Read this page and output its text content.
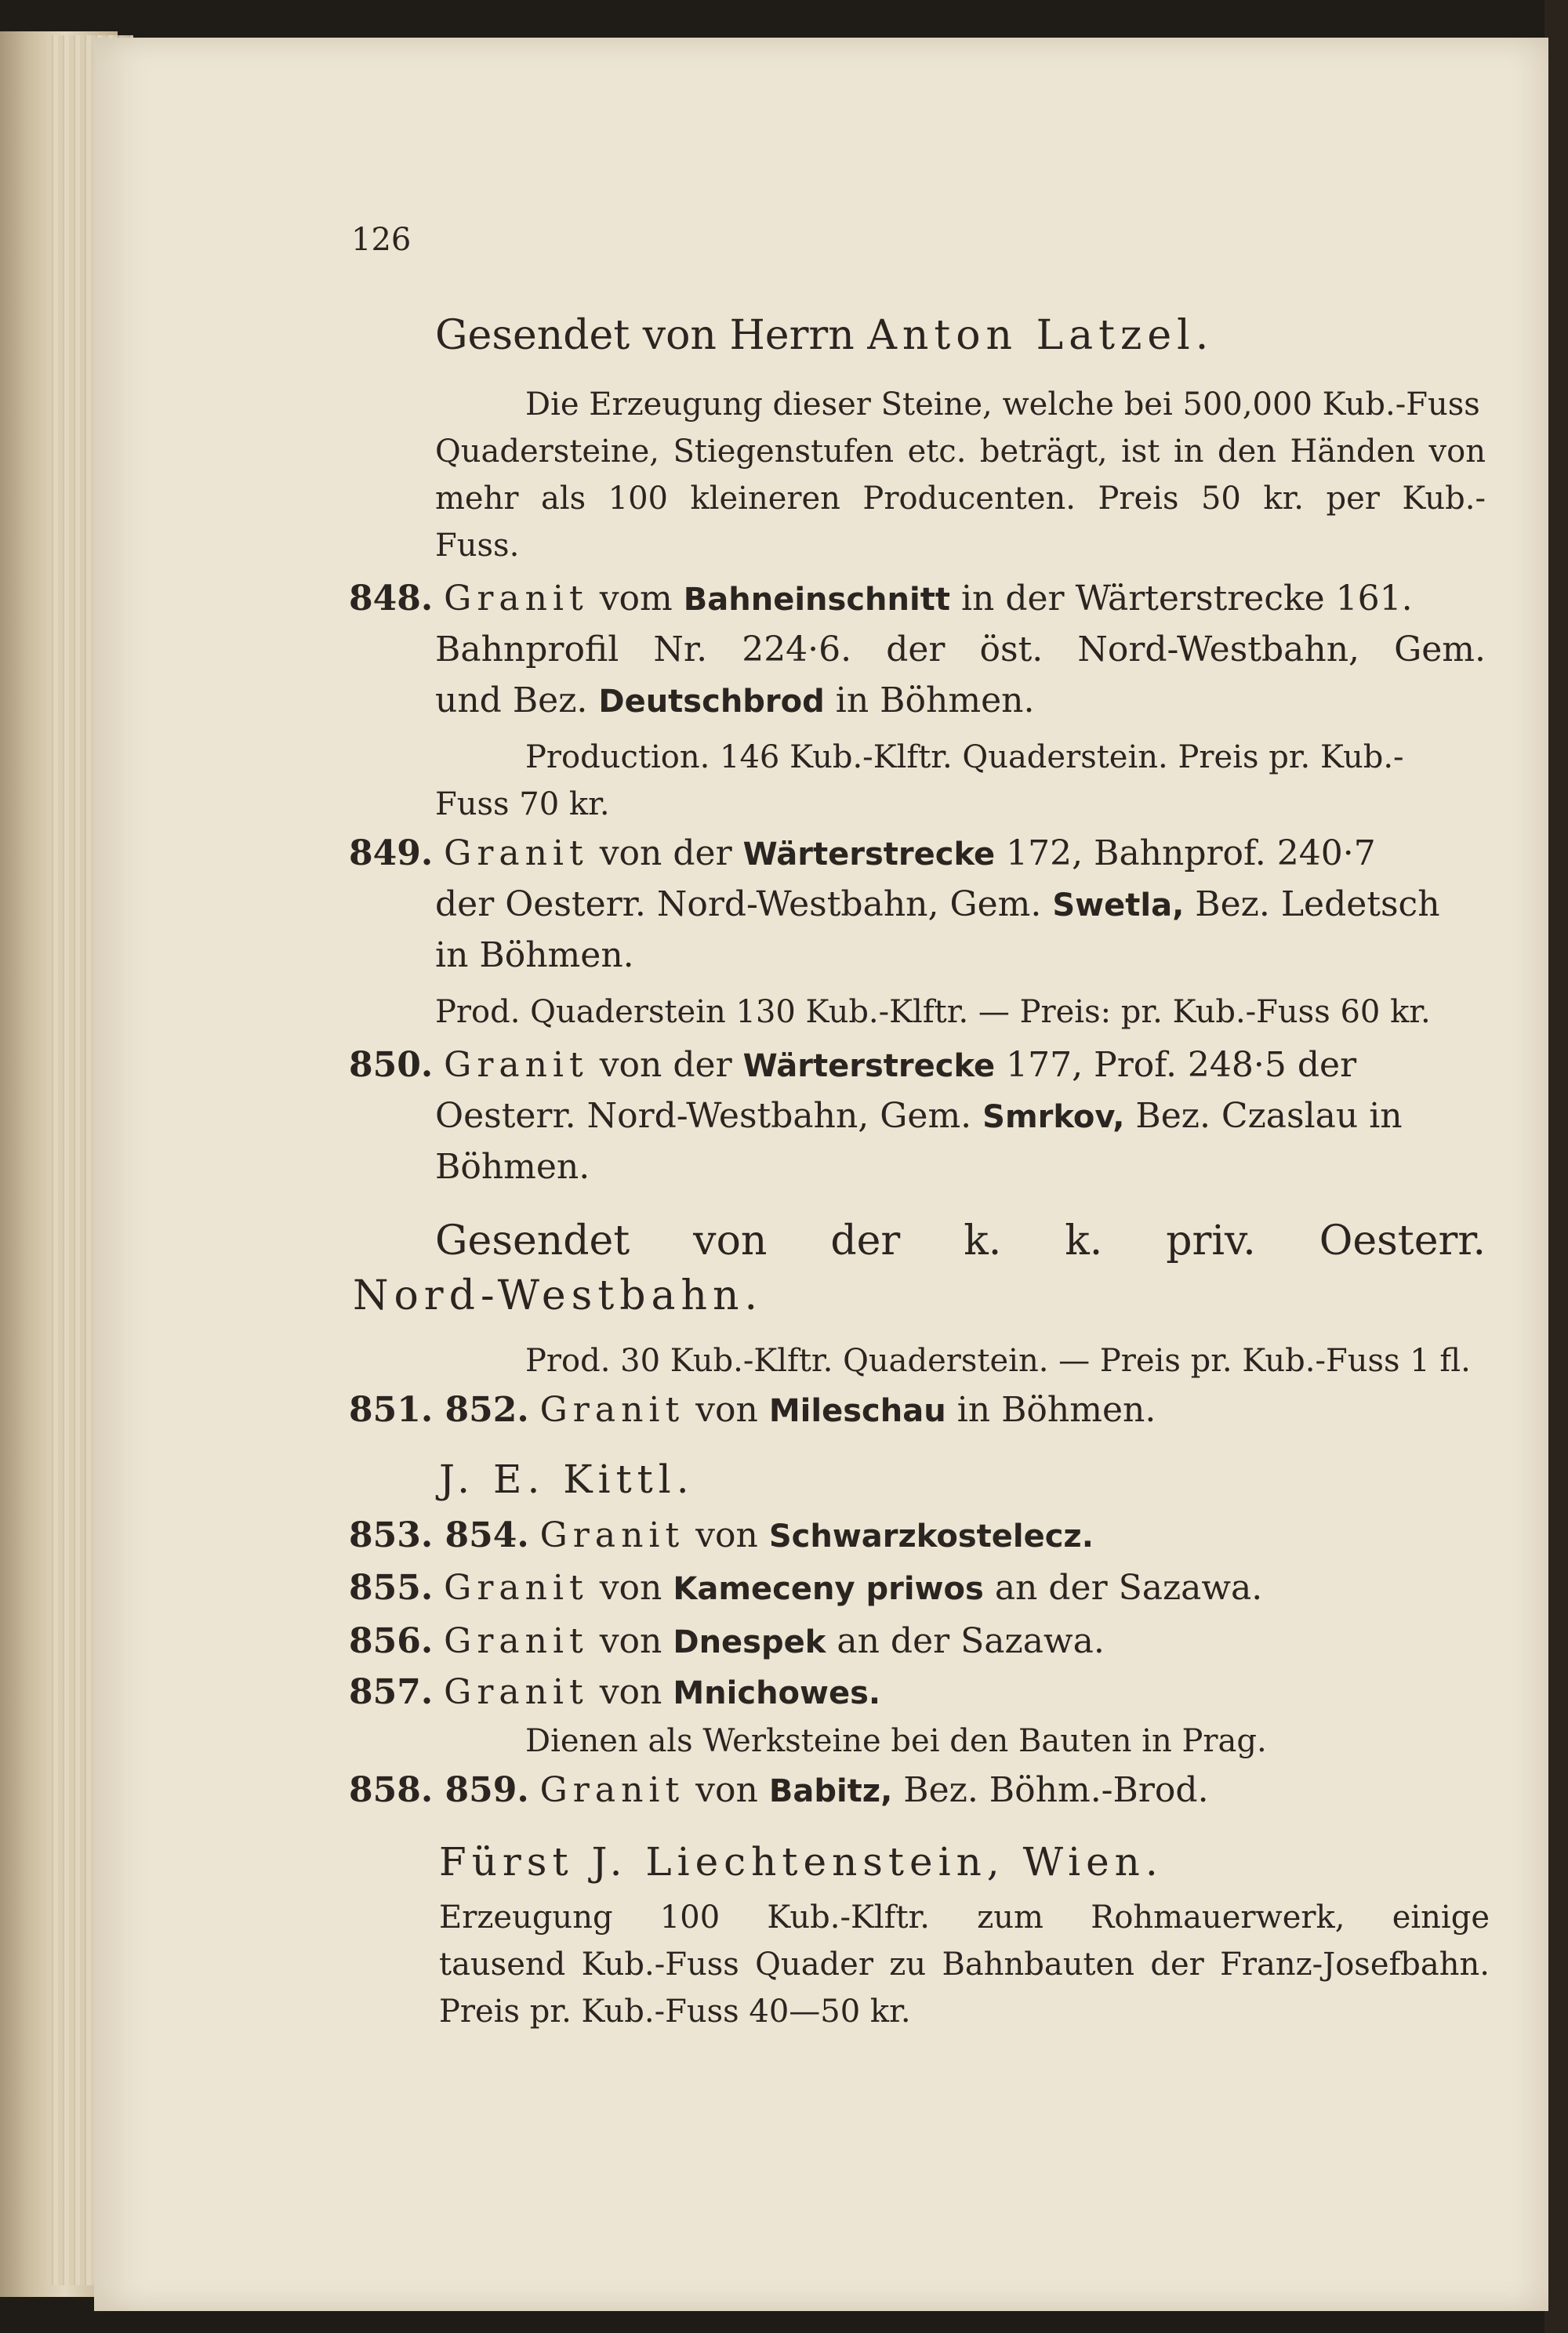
126
Gesendet von Herrn Anton Latzel.
Die Erzeugung dieser Steine, welche bei 500,000 Kub.-Fuss
Quadersteine, Stiegenstufen etc. beträgt, ist in den Händen von
mehr als 100 kleineren Producenten. Preis 50 kr. per Kub.-
Fuss.
848. Granit vom Bahneinschnitt in der Wärterstrecke 161.
Bahnprofil Nr. 224·6. der öst. Nord-Westbahn, Gem.
und Bez. Deutschbrod in Böhmen.
Production. 146 Kub.-Klftr. Quaderstein. Preis pr. Kub.-
Fuss 70 kr.
849. Granit von der Wärterstrecke 172, Bahnprof. 240·7
der Oesterr. Nord-Westbahn, Gem. Swetla, Bez. Ledetsch
in Böhmen.
Prod. Quaderstein 130 Kub.-Klftr. — Preis: pr. Kub.-Fuss 60 kr.
850. Granit von der Wärterstrecke 177, Prof. 248·5 der
Oesterr. Nord-Westbahn, Gem. Smrkov, Bez. Czaslau in
Böhmen.
Gesendet von der k. k. priv. Oesterr.
Nord-Westbahn.
Prod. 30 Kub.-Klftr. Quaderstein. — Preis pr. Kub.-Fuss 1 fl.
851. 852. Granit von Mileschau in Böhmen.
J. E. Kittl.
853. 854. Granit von Schwarzkostelecz.
855. Granit von Kameceny priwos an der Sazawa.
856. Granit von Dnespek an der Sazawa.
857. Granit von Mnichowes.
Dienen als Werksteine bei den Bauten in Prag.
858. 859. Granit von Babitz, Bez. Böhm.-Brod.
Fürst J. Liechtenstein, Wien.
Erzeugung 100 Kub.-Klftr. zum Rohmauerwerk, einige
tausend Kub.-Fuss Quader zu Bahnbauten der Franz-Josefbahn.
Preis pr. Kub.-Fuss 40—50 kr.
